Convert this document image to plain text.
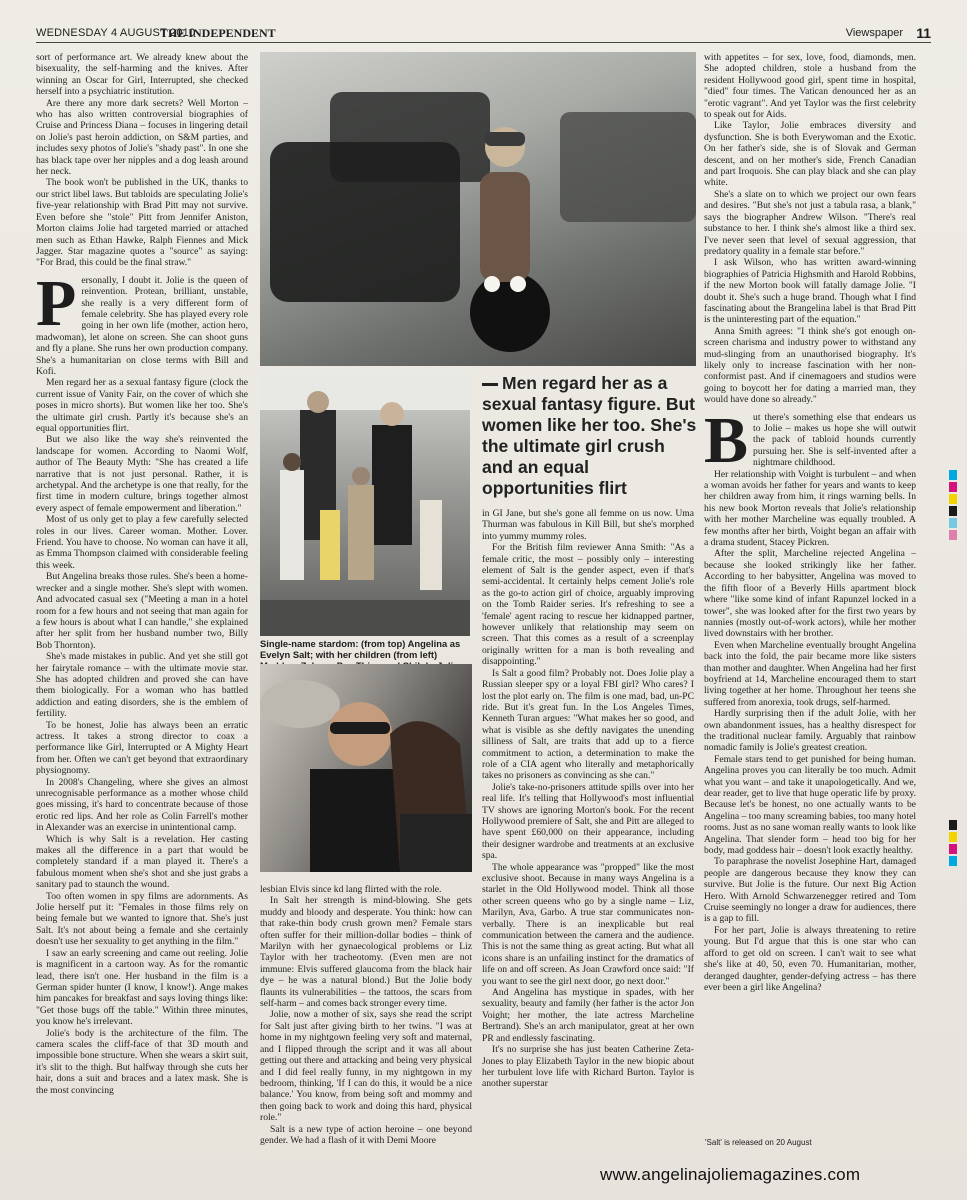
WEDNESDAY 4 AUGUST 2010
THE INDEPENDENT	Viewspaper 11

sort of performance art. We already knew about the bisexuality, the self-harming and the knives. After winning an Oscar for Girl, Interrupted, she checked herself into a psychiatric institution.

Are there any more dark secrets? Well Morton – who has also written controversial biographies of Cruise and Princess Diana – focuses in lingering detail on Jolie's past heroin addiction, on S&M parties, and includes sexy photos of Jolie's "shady past". In one she has black tape over her nipples and a dog leash around her neck.

The book won't be published in the UK, thanks to our strict libel laws. But tabloids are speculating Jolie's five-year relationship with Brad Pitt may not survive. Even before she "stole" Pitt from Jennifer Aniston, Morton claims Jolie had targeted married or attached men such as Ethan Hawke, Ralph Fiennes and Mick Jagger. Star magazine quotes a "source" as saying: "For Brad, this could be the final straw."

Personally, I doubt it. Jolie is the queen of reinvention. Protean, brilliant, unstable, she really is a very different form of female celebrity. She has played every role going in her own life (mother, action hero, madwoman), let alone on screen. She can shoot guns and fly a plane. She runs her own production company. She's a humanitarian on close terms with Bill and Kofi.

Men regard her as a sexual fantasy figure (clock the current issue of Vanity Fair, on the cover of which she poses in micro shorts). But women like her too. She's the ultimate girl crush. Partly it's because she's an equal opportunities flirt.

But we also like the way she's reinvented the landscape for women. According to Naomi Wolf, author of The Beauty Myth: "She has created a life narrative that is not just personal. Rather, it is archetypal. And the archetype is one that really, for the first time in modern culture, brings together almost every aspect of female empowerment and liberation."

Most of us only get to play a few carefully selected roles in our lives. Career woman. Mother. Lover. Friend. You have to choose. No woman can have it all, as Emma Thompson claimed with considerable feeling this week.

But Angelina breaks those rules. She's been a home-wrecker and a single mother. She's slept with women. And advocated casual sex ("Meeting a man in a hotel room for a few hours and not seeing that man again for a few hours is about what I can handle," she explained after her split from her husband number two, Billy Bob Thornton).

She's made mistakes in public. And yet she still got her fairytale romance – with the ultimate movie star. She has adopted children and proved she can have them biologically. For a woman who has battled addiction and eating disorders, she is the emblem of fertility.

To be honest, Jolie has always been an erratic actress. It takes a strong director to coax a performance like Girl, Interrupted or A Mighty Heart from her. Often we can't get beyond that extraordinary physiognomy.

In 2008's Changeling, where she gives an almost unrecognisable performance as a mother whose child goes missing, it's hard to concentrate because of those erotic red lips. And her role as Colin Farrell's mother in Alexander was an exercise in unintentional camp.

Which is why Salt is a revelation. Her casting makes all the difference in a part that would be completely standard if a man played it. There's a fabulous moment when she's shot and she just grabs a sanitary pad to staunch the wound.

Too often women in spy films are adornments. As Jolie herself put it: "Females in those films rely on being female but we wanted to ignore that. She's just Salt. It's not about being a female and she certainly doesn't use her sexuality to get anything in the film."

I saw an early screening and came out reeling. Jolie is magnificent in a cartoon way. As for the romantic lead, there isn't one. Her husband in the film is a German spider hunter (I know, I know!). Ange makes him pancakes for breakfast and says loving things like: "Get those bugs off the table." Within three minutes, you know he's irrelevant.

Jolie's body is the architecture of the film. The camera scales the cliff-face of that 3D mouth and impossible bone structure. When she wears a skirt suit, it's slit to the thigh. But halfway through she cuts her hair, dons a suit and braces and a latex mask. She is the most convincing

Single-name stardom: (from top) Angelina as Evelyn Salt; with her children (from left)

lesbian Elvis since kd lang flirted with the role.

In Salt her strength is mind-blowing. She gets muddy and bloody and desperate. You think: how can that rake-thin body crush grown men? Female stars often suffer for their million-dollar bodies – think of Marilyn with her gynaecological problems or Liz Taylor with her tracheotomy. (Even men are not immune: Elvis suffered glaucoma from the black hair dye – he was a natural blond.) But the Jolie body flaunts its vulnerabilities – the tattoos, the scars from self-harm – and comes back stronger every time.

Jolie, now a mother of six, says she read the script for Salt just after giving birth to her twins. "I was at home in my nightgown feeling very soft and maternal, and I flipped through the script and it was all about getting out there and attacking and being very physical and I did feel really funny, in my nightgown in my bedroom, thinking, 'If I can do this, it would be a nice balance.' You know, from being soft and mommy and then going back to work and doing this hard, physical role."

Salt is a new type of action heroine – one beyond gender. We had a flash of it with Demi Moore

Men regard her as a sexual fantasy figure. But women like her too. She's the ultimate girl crush and an equal opportunities flirt

in GI Jane, but she's gone all femme on us now. Uma Thurman was fabulous in Kill Bill, but she's morphed into yummy mummy roles.

For the British film reviewer Anna Smith: "As a female critic, the most – possibly only – interesting element of Salt is the gender aspect, even if that's semi-accidental. It certainly helps cement Jolie's role as the go-to action girl of choice, arguably improving on the Tomb Raider series. It's refreshing to see a 'female' agent racing to rescue her kidnapped partner, however unlikely that relationship may seem on screen. That this comes as a result of a screenplay originally written for a man is both revealing and disappointing."

Is Salt a good film? Probably not. Does Jolie play a Russian sleeper spy or a loyal FBI girl? Who cares? I lost the plot early on. The film is one mad, bad, un-PC ride. But it's great fun. In the Los Angeles Times, Kenneth Turan argues: "What makes her so good, and what is visible as she deftly navigates the unending silliness of Salt, are traits that add up to a fierce commitment to action, a determination to make the role of a CIA agent who literally and metaphorically takes no prisoners as convincing as she can."

Jolie's take-no-prisoners attitude spills over into her real life. It's telling that Hollywood's most influential TV shows are ignoring Morton's book. For the recent Hollywood premiere of Salt, she and Pitt are alleged to have spent £60,000 on their appearance, including their designer wardrobe and treatments at an exclusive spa.

The whole appearance was "propped" like the most exclusive shoot. Because in many ways Angelina is a starlet in the Old Hollywood model. Think all those other screen queens who go by a single name – Liz, Marilyn, Ava, Garbo. A true star communicates non-verbally. There is an inexplicable but real communication between the camera and the audience. This is not the same thing as great acting. But what all icons share is an unfailing instinct for the dramatics of life on and off screen. As Joan Crawford once said: "If you want to see the girl next door, go next door."

And Angelina has mystique in spades, with her sexuality, beauty and family (her father is the actor Jon Voight; her mother, the late actress Marcheline Bertrand). She's an arch manipulator, great at her own PR and endlessly fascinating.

It's no surprise she has just beaten Catherine Zeta-Jones to play Elizabeth Taylor in the new biopic about her turbulent love life with Richard Burton. Taylor is another superstar

with appetites – for sex, love, food, diamonds, men. She adopted children, stole a husband from the resident Hollywood good girl, spent time in hospital, "died" four times. The Vatican denounced her as an "erotic vagrant". And yet Taylor was the first celebrity to speak out for Aids.

Like Taylor, Jolie embraces diversity and dysfunction. She is both Everywoman and the Exotic. On her father's side, she is of Slovak and German descent, and on her mother's side, French Canadian and part Iroquois. She can play black and she can play white.

She's a slate on to which we project our own fears and desires. "But she's not just a tabula rasa, a blank," says the biographer Andrew Wilson. "There's real substance to her. I think she's almost like a third sex. I've never seen that level of sexual aggression, that predatory quality in a female star before."

I ask Wilson, who has written award-winning biographies of Patricia Highsmith and Harold Robbins, if the new Morton book will fatally damage Jolie. "I doubt it. She's such a huge brand. Though what I find fascinating about the Brangelina label is that Brad Pitt is the uninteresting part of the equation."

Anna Smith agrees: "I think she's got enough on-screen charisma and industry power to withstand any mud-slinging from an unauthorised biography. It's likely only to increase fascination with her non-conformist past. And if cinemagoers and studios were going to boycott her for dating a married man, they would have done so already."

But there's something else that endears us to Jolie – makes us hope she will outwit the pack of tabloid hounds currently pursuing her. She is self-invented after a nightmare childhood.

Her relationship with Voight is turbulent – and when a woman avoids her father for years and wants to keep her children away from him, it rings warning bells. In his new book Morton reveals that Jolie's relationship with her mother Marcheline was equally troubled. A few months after her birth, Voight began an affair with a drama student, Stacey Pickren.

After the split, Marcheline rejected Angelina – because she looked strikingly like her father. According to her babysitter, Angelina was moved to the fifth floor of a Beverly Hills apartment block where "like some kind of infant Rapunzel locked in a tower", she was looked after for the first two years by nannies (mostly out-of-work actors), while her mother lived downstairs with her brother.

Even when Marcheline eventually brought Angelina back into the fold, the pair became more like sisters than mother and daughter. When Angelina had her first boyfriend at 14, Marcheline encouraged them to start living together at her home. Throughout her teens she suffered from anorexia, took drugs, self-harmed.

Hardly surprising then if the adult Jolie, with her own abandonment issues, has a healthy disrespect for the traditional nuclear family. Arguably that rainbow nomadic family is Jolie's greatest creation.

Female stars tend to get punished for being human. Angelina proves you can literally be too much. Admit what you want – and take it unapologetically. And we, dear reader, get to live that huge operatic life by proxy. Because let's be honest, no one actually wants to be Angelina – too many screaming babies, too many hotel rooms. Just as no sane woman really wants to look like Angelina. That slender form – head too big for her body, mad goddess hair – doesn't look exactly healthy.

To paraphrase the novelist Josephine Hart, damaged people are dangerous because they know they can survive. But Jolie is the future. Our next Big Action Hero. With Arnold Schwarzenegger retired and Tom Cruise seemingly no longer a draw for audiences, there is a gap to fill.

For her part, Jolie is always threatening to retire young. But I'd argue that this is one star who can afford to get old on screen. I can't wait to see what she's like at 40, 50, even 70. Humanitarian, mother, deranged daughter, gender-defying actress – has there ever been a girl like Angelina?

'Salt' is released on 20 August
www.angelinajoliemagazines.com
